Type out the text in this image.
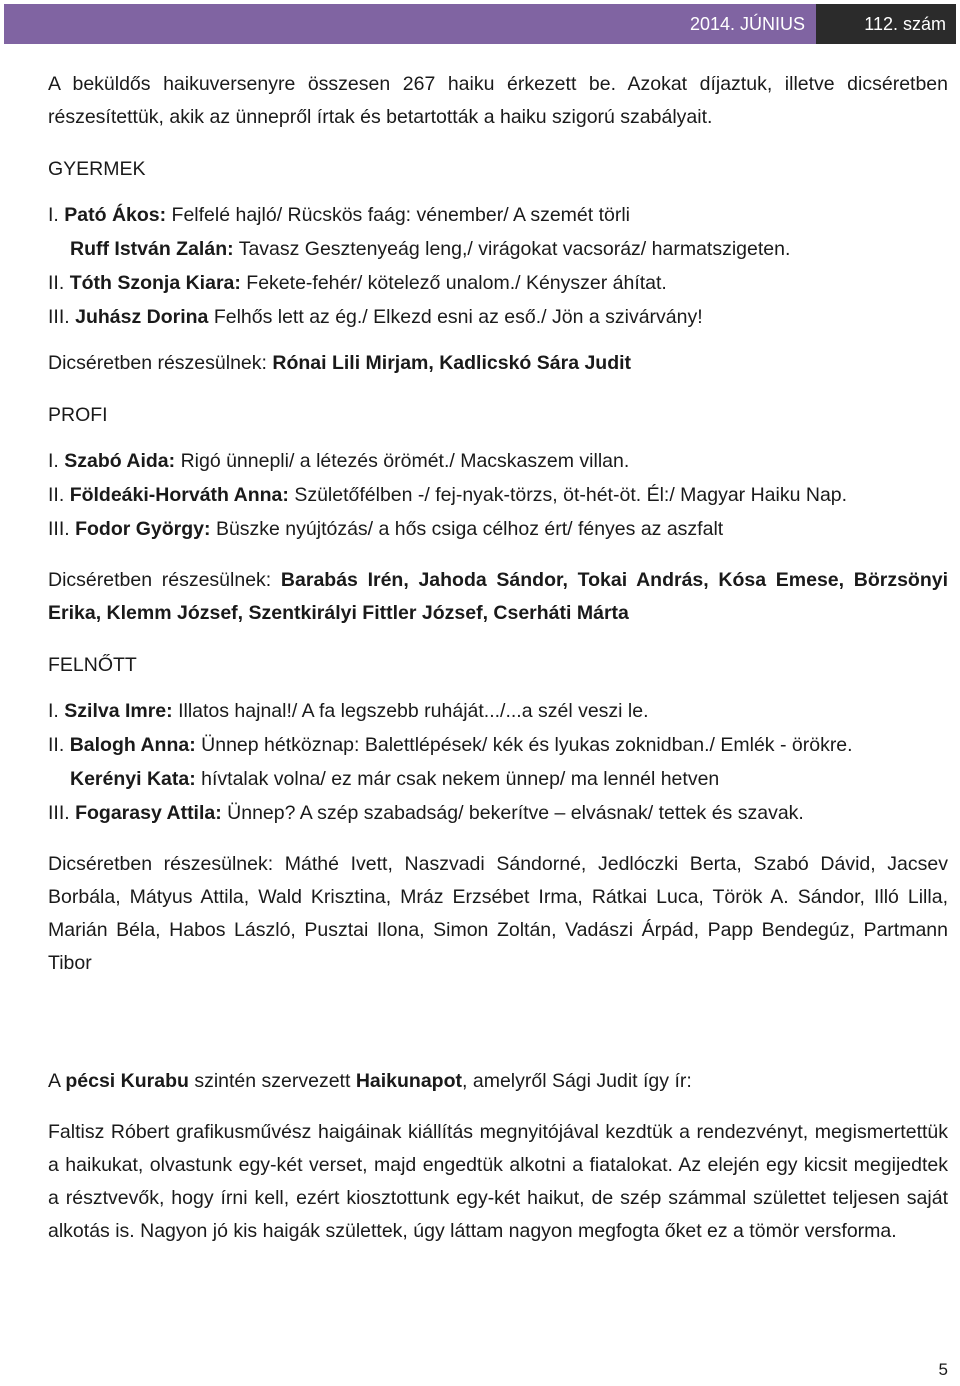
2014. JÚNIUS	112. szám

A beküldős haikuversenyre összesen 267 haiku érkezett be. Azokat díjaztuk, illetve dicséretben részesítettük, akik az ünnepről írtak és betartották a haiku szigorú szabályait.

GYERMEK

I. Pató Ákos: Felfelé hajló/ Rücskös faág: vénember/ A szemét törli

Ruff István Zalán: Tavasz Gesztenyeág leng,/ virágokat vacsoráz/ harmatszigeten.

II. Tóth Szonja Kiara: Fekete-fehér/ kötelező unalom./ Kényszer áhítat.

III. Juhász Dorina Felhős lett az ég./ Elkezd esni az eső./ Jön a szivárvány!

Dicséretben részesülnek: Rónai Lili Mirjam, Kadlicskó Sára Judit

PROFI

I. Szabó Aida: Rigó ünnepli/ a létezés örömét./ Macskaszem villan.

II. Földeáki-Horváth Anna: Születőfélben -/ fej-nyak-törzs, öt-hét-öt. Él:/ Magyar Haiku Nap.

III. Fodor György: Büszke nyújtózás/ a hős csiga célhoz ért/ fényes az aszfalt

Dicséretben részesülnek: Barabás Irén, Jahoda Sándor, Tokai András, Kósa Emese, Börzsönyi Erika, Klemm József, Szentkirályi Fittler József, Cserháti Márta

FELNŐTT

I. Szilva Imre: Illatos hajnal!/ A fa legszebb ruháját.../...a szél veszi le.

II. Balogh Anna: Ünnep hétköznap: Balettlépések/ kék és lyukas zoknidban./ Emlék - örökre.

Kerényi Kata: hívtalak volna/ ez már csak nekem ünnep/ ma lennél hetven

III. Fogarasy Attila: Ünnep? A szép szabadság/ bekerítve – elvásnak/ tettek és szavak.

Dicséretben részesülnek: Máthé Ivett, Naszvadi Sándorné, Jedlóczki Berta, Szabó Dávid, Jacsev Borbála, Mátyus Attila, Wald Krisztina, Mráz Erzsébet Irma, Rátkai Luca, Török A. Sándor, Illó Lilla, Marián Béla, Habos László, Pusztai Ilona, Simon Zoltán, Vadászi Árpád, Papp Bendegúz, Partmann Tibor

A pécsi Kurabu szintén szervezett Haikunapot, amelyről Sági Judit így ír:

Faltisz Róbert grafikusművész haigáinak kiállítás megnyitójával kezdtük a rendezvényt, megismertettük a haikukat, olvastunk egy-két verset, majd engedtük alkotni a fiatalokat. Az elején egy kicsit megijedtek a résztvevők, hogy írni kell, ezért kiosztottunk egy-két haikut, de szép számmal születtet teljesen saját alkotás is. Nagyon jó kis haigák születtek, úgy láttam nagyon megfogta őket ez a tömör versforma.

5
